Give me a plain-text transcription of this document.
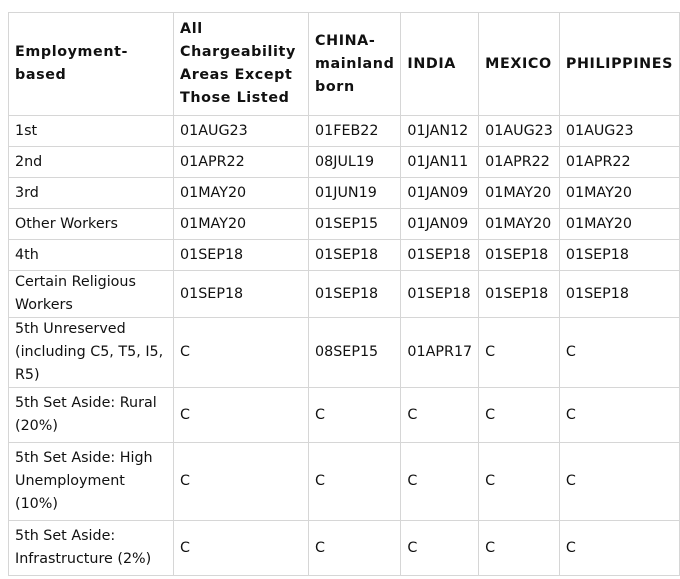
Employment-based	All Chargeability Areas Except Those Listed	CHINA-mainland born	INDIA	MEXICO	PHILIPPINES
1st	01AUG23	01FEB22	01JAN12	01AUG23	01AUG23
2nd	01APR22	08JUL19	01JAN11	01APR22	01APR22
3rd	01MAY20	01JUN19	01JAN09	01MAY20	01MAY20
Other Workers	01MAY20	01SEP15	01JAN09	01MAY20	01MAY20
4th	01SEP18	01SEP18	01SEP18	01SEP18	01SEP18
Certain Religious Workers	01SEP18	01SEP18	01SEP18	01SEP18	01SEP18
5th Unreserved (including C5, T5, I5, R5)	C	08SEP15	01APR17	C	C
5th Set Aside: Rural (20%)	C	C	C	C	C
5th Set Aside: High Unemployment (10%)	C	C	C	C	C
5th Set Aside: Infrastructure (2%)	C	C	C	C	C
